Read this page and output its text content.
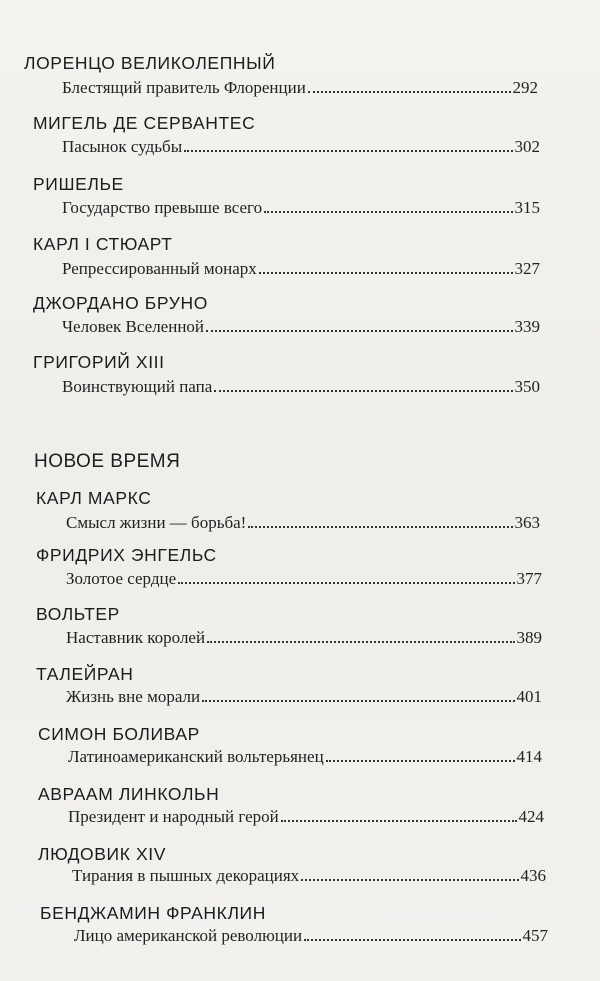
ЛОРЕНЦО ВЕЛИКОЛЕПНЫЙ
Блестящий правитель Флоренции	292
МИГЕЛЬ ДЕ СЕРВАНТЕС
Пасынок судьбы	302
РИШЕЛЬЕ
Государство превыше всего	315
КАРЛ I СТЮАРТ
Репрессированный монарх	327
ДЖОРДАНО БРУНО
Человек Вселенной	339
ГРИГОРИЙ XIII
Воинствующий папа	350
НОВОЕ ВРЕМЯ
КАРЛ МАРКС
Смысл жизни — борьба!	363
ФРИДРИХ ЭНГЕЛЬС
Золотое сердце	377
ВОЛЬТЕР
Наставник королей	389
ТАЛЕЙРАН
Жизнь вне морали	401
СИМОН БОЛИВАР
Латиноамериканский вольтерьянец	414
АВРААМ ЛИНКОЛЬН
Президент и народный герой	424
ЛЮДОВИК XIV
Тирания в пышных декорациях	436
БЕНДЖАМИН ФРАНКЛИН
Лицо американской революции	457
